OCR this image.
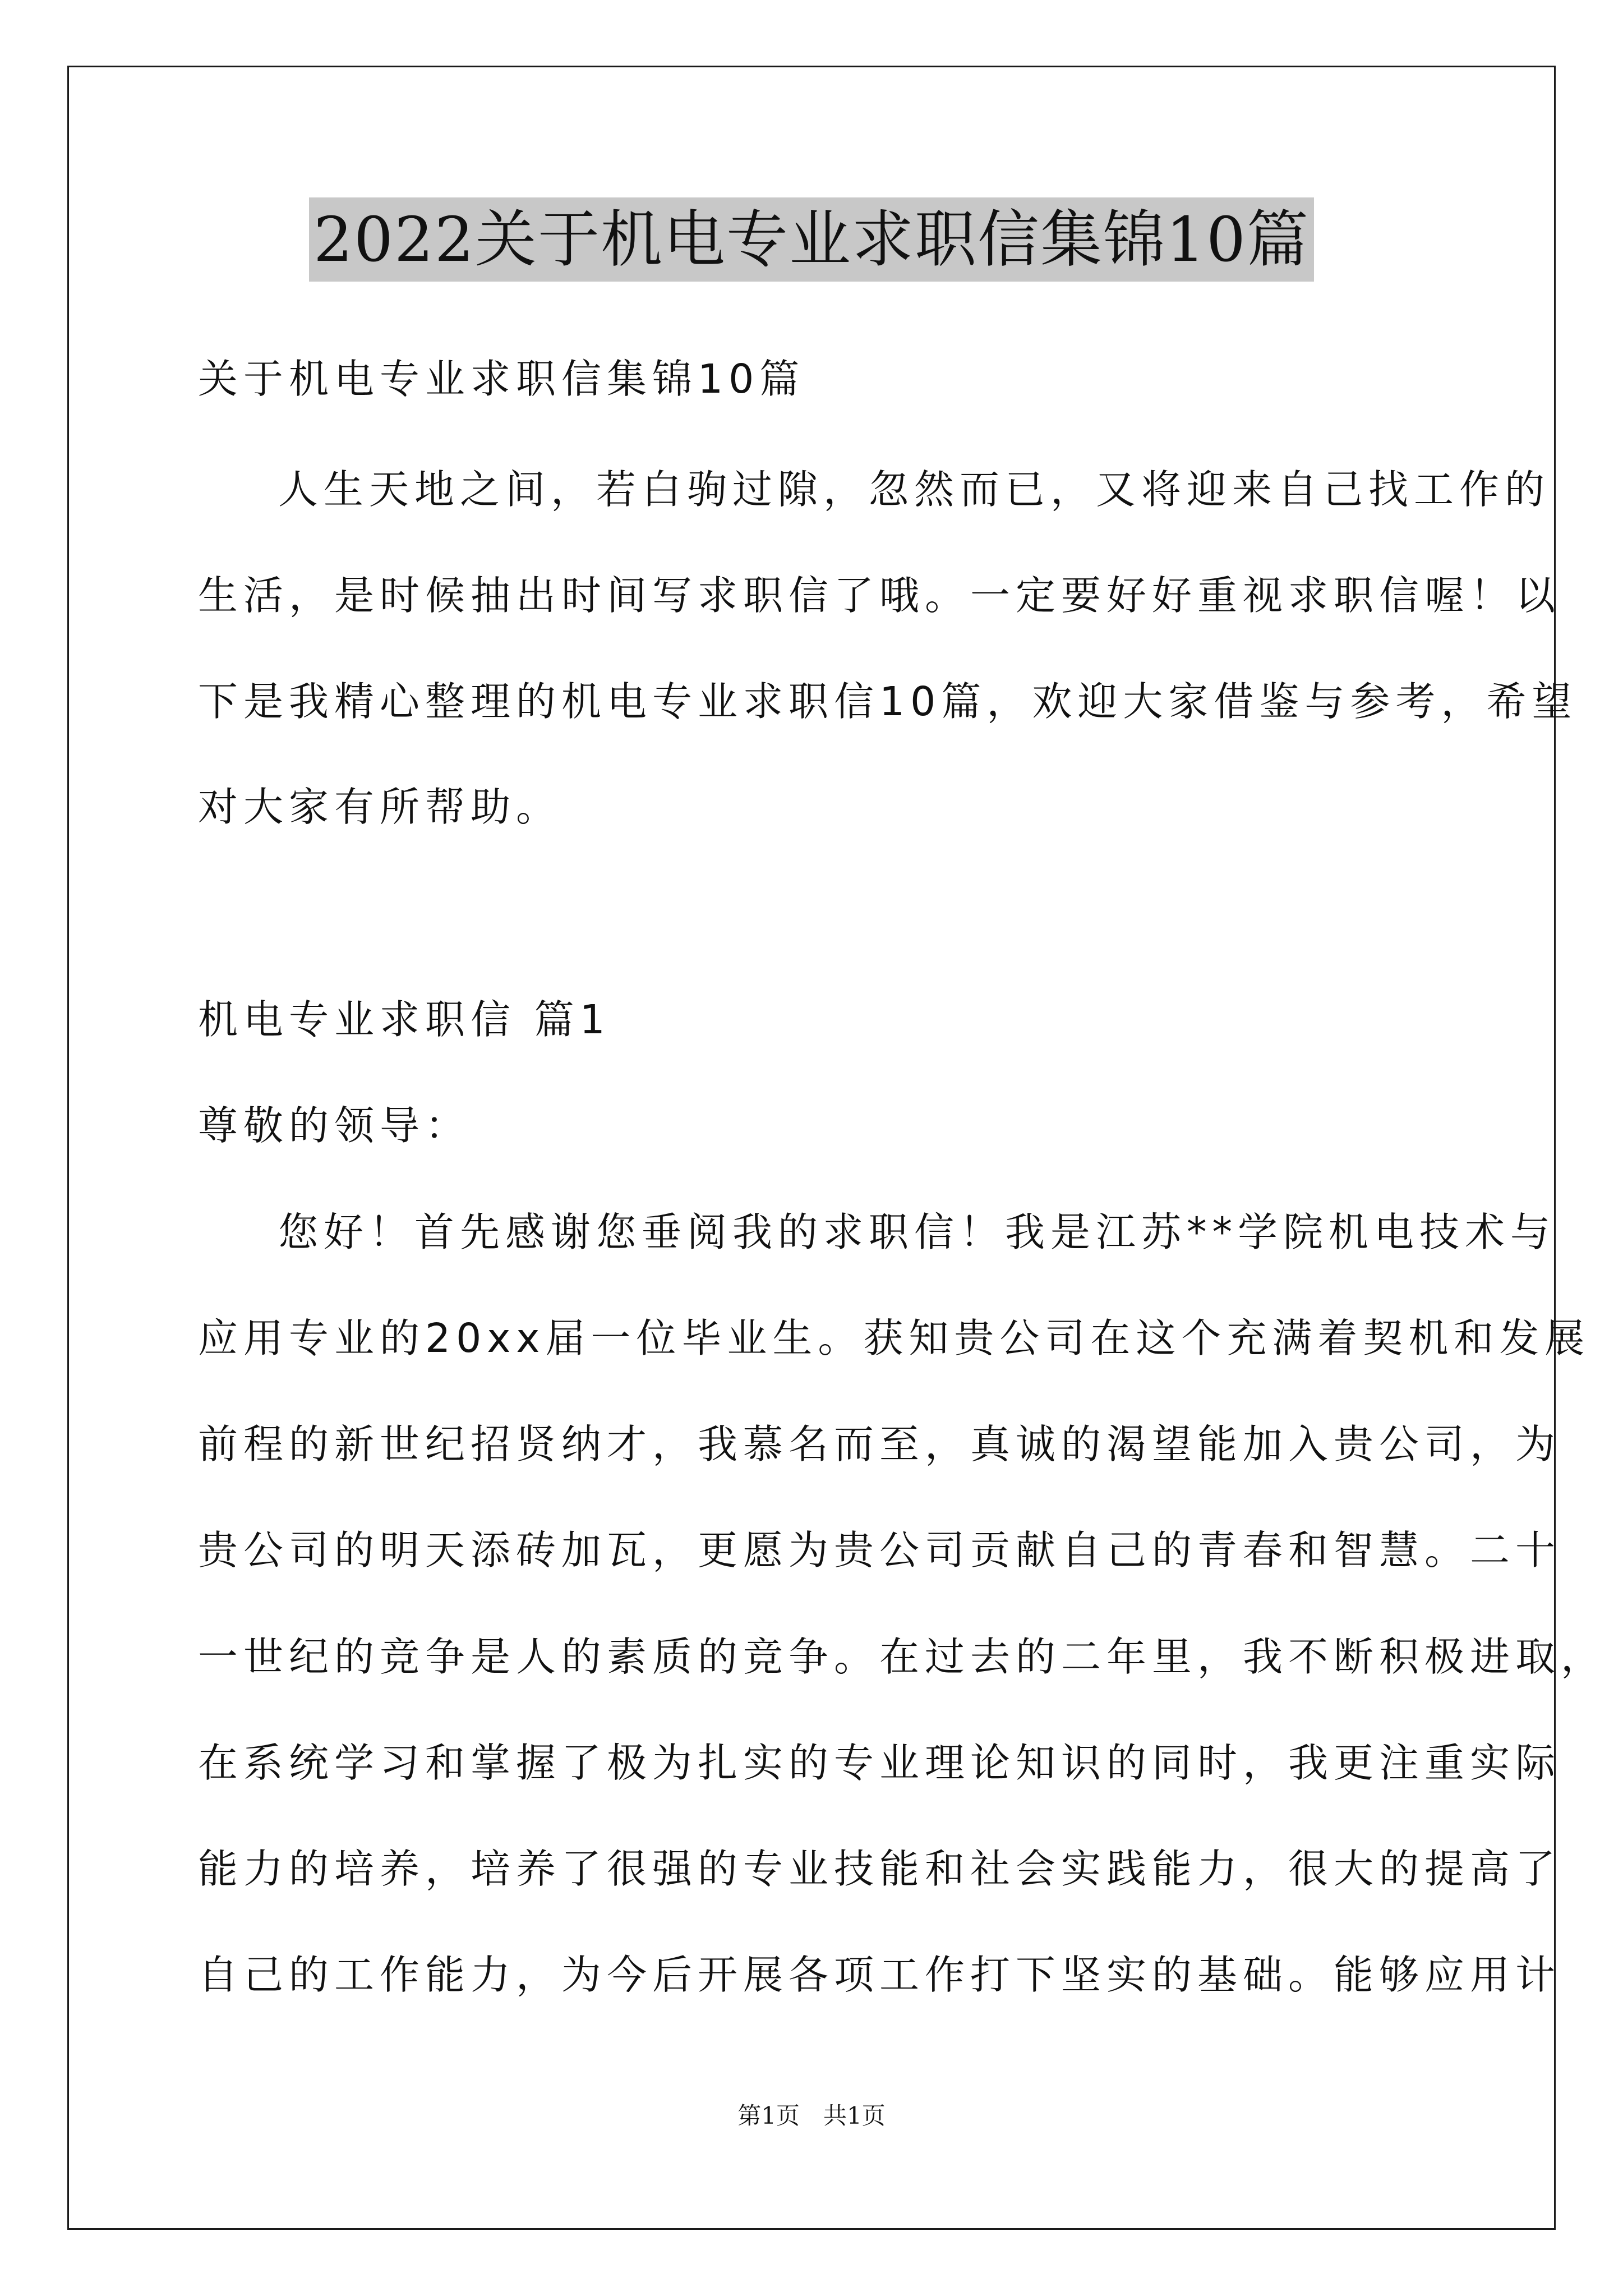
2022关于机电专业求职信集锦10篇
关于机电专业求职信集锦10篇
人生天地之间，若白驹过隙，忽然而已，又将迎来自己找工作的
生活，是时候抽出时间写求职信了哦。一定要好好重视求职信喔！以
下是我精心整理的机电专业求职信10篇，欢迎大家借鉴与参考，希望
对大家有所帮助。
机电专业求职信 篇1
尊敬的领导：
您好！首先感谢您垂阅我的求职信！我是江苏**学院机电技术与
应用专业的20xx届一位毕业生。获知贵公司在这个充满着契机和发展
前程的新世纪招贤纳才，我慕名而至，真诚的渴望能加入贵公司，为
贵公司的明天添砖加瓦，更愿为贵公司贡献自己的青春和智慧。二十
一世纪的竞争是人的素质的竞争。在过去的二年里，我不断积极进取，
在系统学习和掌握了极为扎实的专业理论知识的同时，我更注重实际
能力的培养，培养了很强的专业技能和社会实践能力，很大的提高了
自己的工作能力，为今后开展各项工作打下坚实的基础。能够应用计
第1页　共1页
